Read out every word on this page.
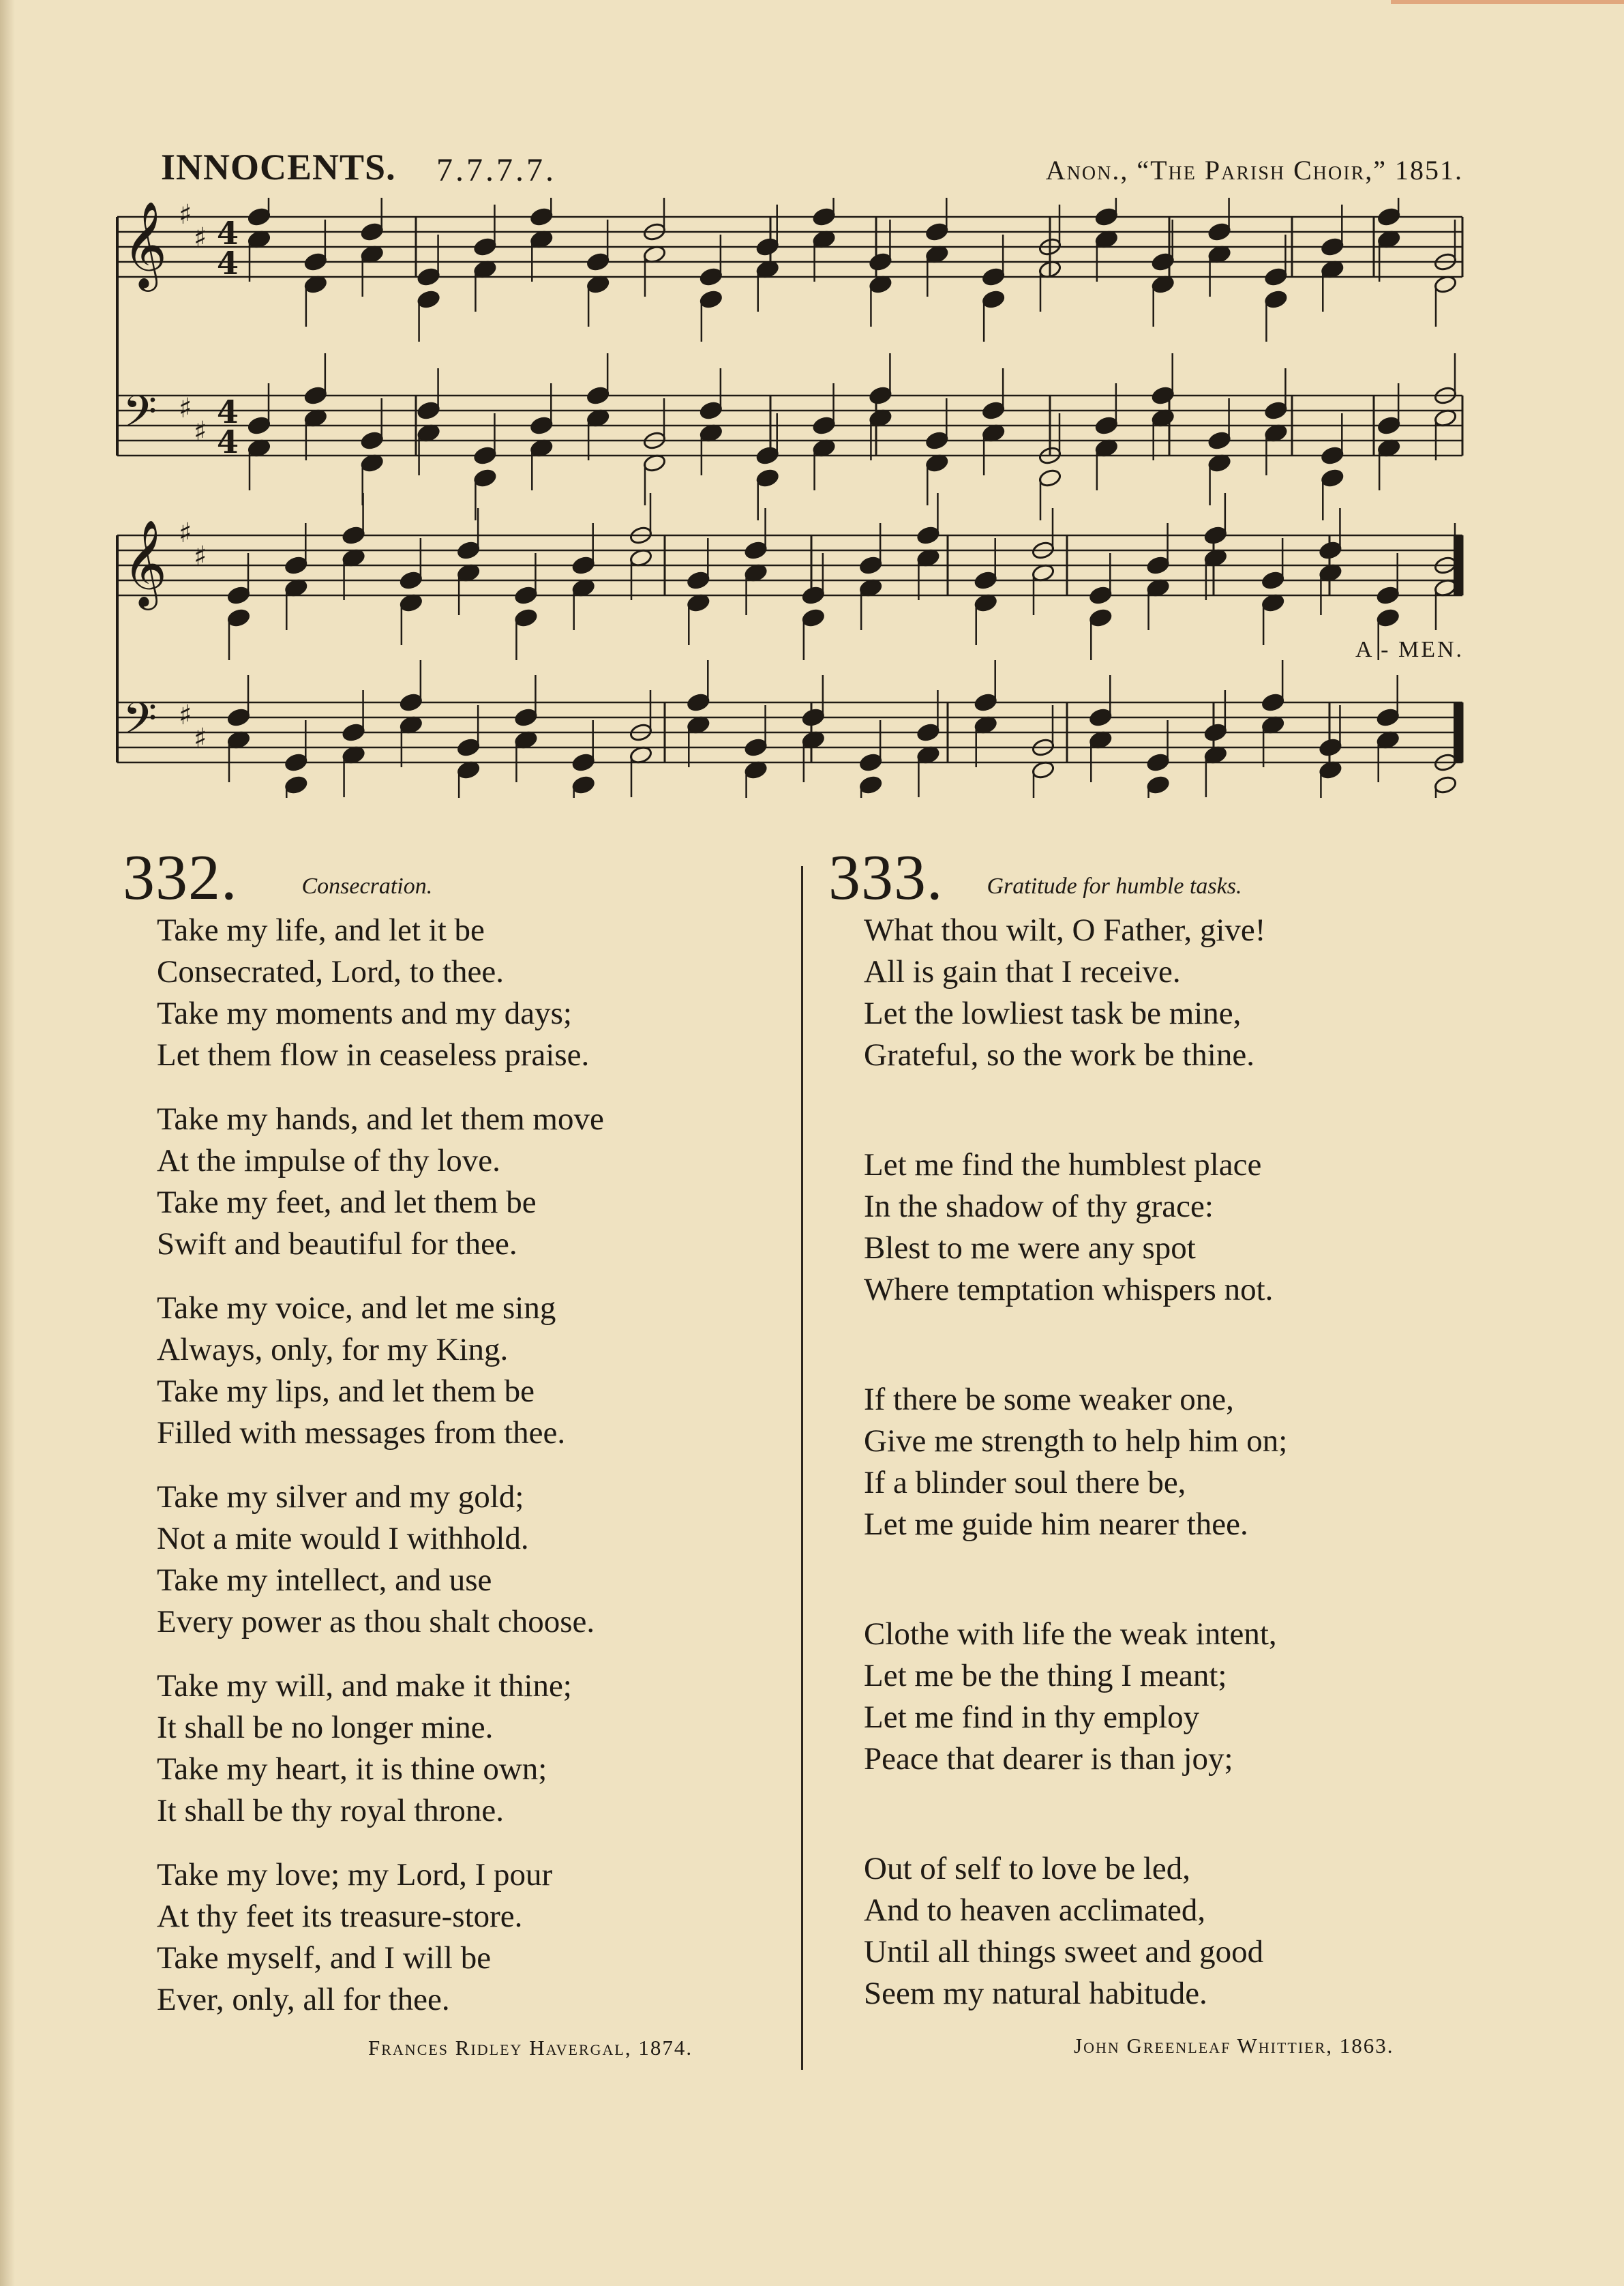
INNOCENTS. 7.7.7.7.	Anon., “The Parish Choir,” 1851.
𝄞 ♯
♯ 4
4
𝄢 ♯
♯
4
4
𝄞 ♯
♯
𝄢 ♯
♯
A - MEN.
332.	Consecration.
Take my life, and let it be
Consecrated, Lord, to thee.
Take my moments and my days;
Let them flow in ceaseless praise.
Take my hands, and let them move
At the impulse of thy love.
Take my feet, and let them be
Swift and beautiful for thee.
Take my voice, and let me sing
Always, only, for my King.
Take my lips, and let them be
Filled with messages from thee.
Take my silver and my gold;
Not a mite would I withhold.
Take my intellect, and use
Every power as thou shalt choose.
Take my will, and make it thine;
It shall be no longer mine.
Take my heart, it is thine own;
It shall be thy royal throne.
Take my love; my Lord, I pour
At thy feet its treasure-store.
Take myself, and I will be
Ever, only, all for thee.
Frances Ridley Havergal, 1874.
333. Gratitude for humble tasks.
What thou wilt, O Father, give!
All is gain that I receive.
Let the lowliest task be mine,
Grateful, so the work be thine.
Let me find the humblest place
In the shadow of thy grace:
Blest to me were any spot
Where temptation whispers not.
If there be some weaker one,
Give me strength to help him on;
If a blinder soul there be,
Let me guide him nearer thee.
Clothe with life the weak intent,
Let me be the thing I meant;
Let me find in thy employ
Peace that dearer is than joy;
Out of self to love be led,
And to heaven acclimated,
Until all things sweet and good
Seem my natural habitude.
John Greenleaf Whittier, 1863.
